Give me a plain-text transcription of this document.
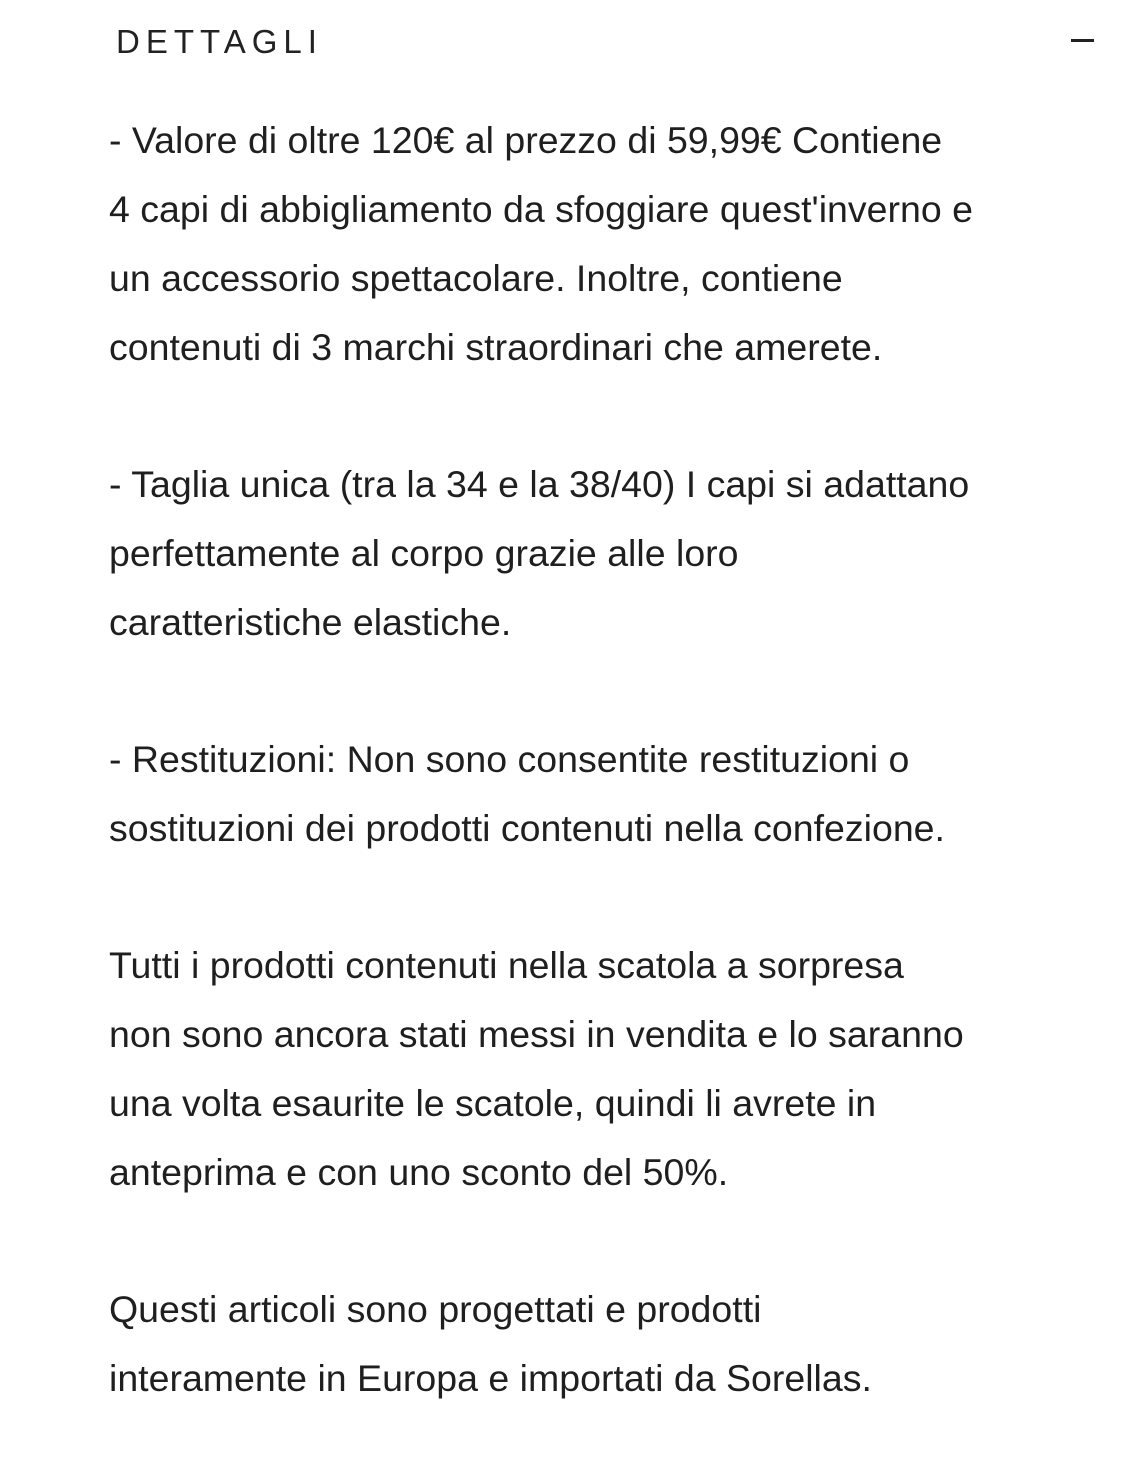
DETTAGLI

- Valore di oltre 120€ al prezzo di 59,99€ Contiene
4 capi di abbigliamento da sfoggiare quest'inverno e
un accessorio spettacolare. Inoltre, contiene
contenuti di 3 marchi straordinari che amerete.

- Taglia unica (tra la 34 e la 38/40) I capi si adattano
perfettamente al corpo grazie alle loro
caratteristiche elastiche.

- Restituzioni: Non sono consentite restituzioni o
sostituzioni dei prodotti contenuti nella confezione.

Tutti i prodotti contenuti nella scatola a sorpresa
non sono ancora stati messi in vendita e lo saranno
una volta esaurite le scatole, quindi li avrete in
anteprima e con uno sconto del 50%.

Questi articoli sono progettati e prodotti
interamente in Europa e importati da Sorellas.
